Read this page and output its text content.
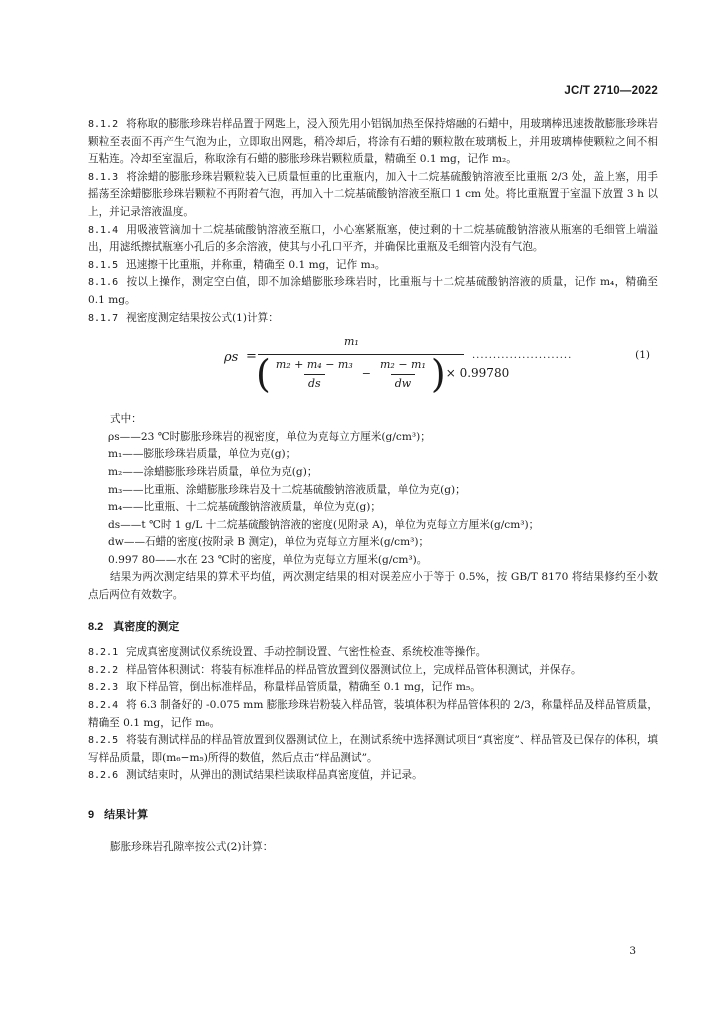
JC/T 2710—2022

8.1.2 将称取的膨胀珍珠岩样品置于网匙上，浸入预先用小铝锅加热至保持熔融的石蜡中，用玻璃棒迅速拨散膨胀珍珠岩颗粒至表面不再产生气泡为止，立即取出网匙，稍冷却后，将涂有石蜡的颗粒散在玻璃板上，并用玻璃棒使颗粒之间不相互粘连。冷却至室温后，称取涂有石蜡的膨胀珍珠岩颗粒质量，精确至 0.1 mg，记作 m₂。

8.1.3 将涂蜡的膨胀珍珠岩颗粒装入已质量恒重的比重瓶内，加入十二烷基硫酸钠溶液至比重瓶 2/3 处，盖上塞，用手摇荡至涂蜡膨胀珍珠岩颗粒不再附着气泡，再加入十二烷基硫酸钠溶液至瓶口 1 cm 处。将比重瓶置于室温下放置 3 h 以上，并记录溶液温度。

8.1.4 用吸液管滴加十二烷基硫酸钠溶液至瓶口，小心塞紧瓶塞，使过剩的十二烷基硫酸钠溶液从瓶塞的毛细管上端溢出，用滤纸擦拭瓶塞小孔后的多余溶液，使其与小孔口平齐，并确保比重瓶及毛细管内没有气泡。

8.1.5 迅速擦干比重瓶，并称重，精确至 0.1 mg，记作 m₃。

8.1.6 按以上操作，测定空白值，即不加涂蜡膨胀珍珠岩时，比重瓶与十二烷基硫酸钠溶液的质量，记作 m₄，精确至 0.1 mg。

8.1.7 视密度测定结果按公式(1)计算：

ρs =
m₁
( $\frac{\text{m₂ + m₄ − m₃}}{ds} - \frac{\text{m₂ − m₁}}{dw}$ ) × 0.99780
........................	(1)

式中：

ρs——23 ℃时膨胀珍珠岩的视密度，单位为克每立方厘米(g/cm³)；

m₁——膨胀珍珠岩质量，单位为克(g)；

m₂——涂蜡膨胀珍珠岩质量，单位为克(g)；

m₃——比重瓶、涂蜡膨胀珍珠岩及十二烷基硫酸钠溶液质量，单位为克(g)；

m₄——比重瓶、十二烷基硫酸钠溶液质量，单位为克(g)；

ds——t ℃时 1 g/L 十二烷基硫酸钠溶液的密度(见附录 A)，单位为克每立方厘米(g/cm³)；

dw——石蜡的密度(按附录 B 测定)，单位为克每立方厘米(g/cm³)；

0.997 80——水在 23 ℃时的密度，单位为克每立方厘米(g/cm³)。

结果为两次测定结果的算术平均值，两次测定结果的相对误差应小于等于 0.5%，按 GB/T 8170 将结果修约至小数点后两位有效数字。

8.2 真密度的测定

8.2.1 完成真密度测试仪系统设置、手动控制设置、气密性检查、系统校准等操作。

8.2.2 样品管体积测试：将装有标准样品的样品管放置到仪器测试位上，完成样品管体积测试，并保存。

8.2.3 取下样品管，倒出标准样品，称量样品管质量，精确至 0.1 mg，记作 m₅。

8.2.4 将 6.3 制备好的 -0.075 mm 膨胀珍珠岩粉装入样品管，装填体积为样品管体积的 2/3，称量样品及样品管质量，精确至 0.1 mg，记作 m₆。

8.2.5 将装有测试样品的样品管放置到仪器测试位上，在测试系统中选择测试项目“真密度”、样品管及已保存的体积，填写样品质量，即(m₆−m₅)所得的数值，然后点击“样品测试”。

8.2.6 测试结束时，从弹出的测试结果栏读取样品真密度值，并记录。

9 结果计算

膨胀珍珠岩孔隙率按公式(2)计算：

3
